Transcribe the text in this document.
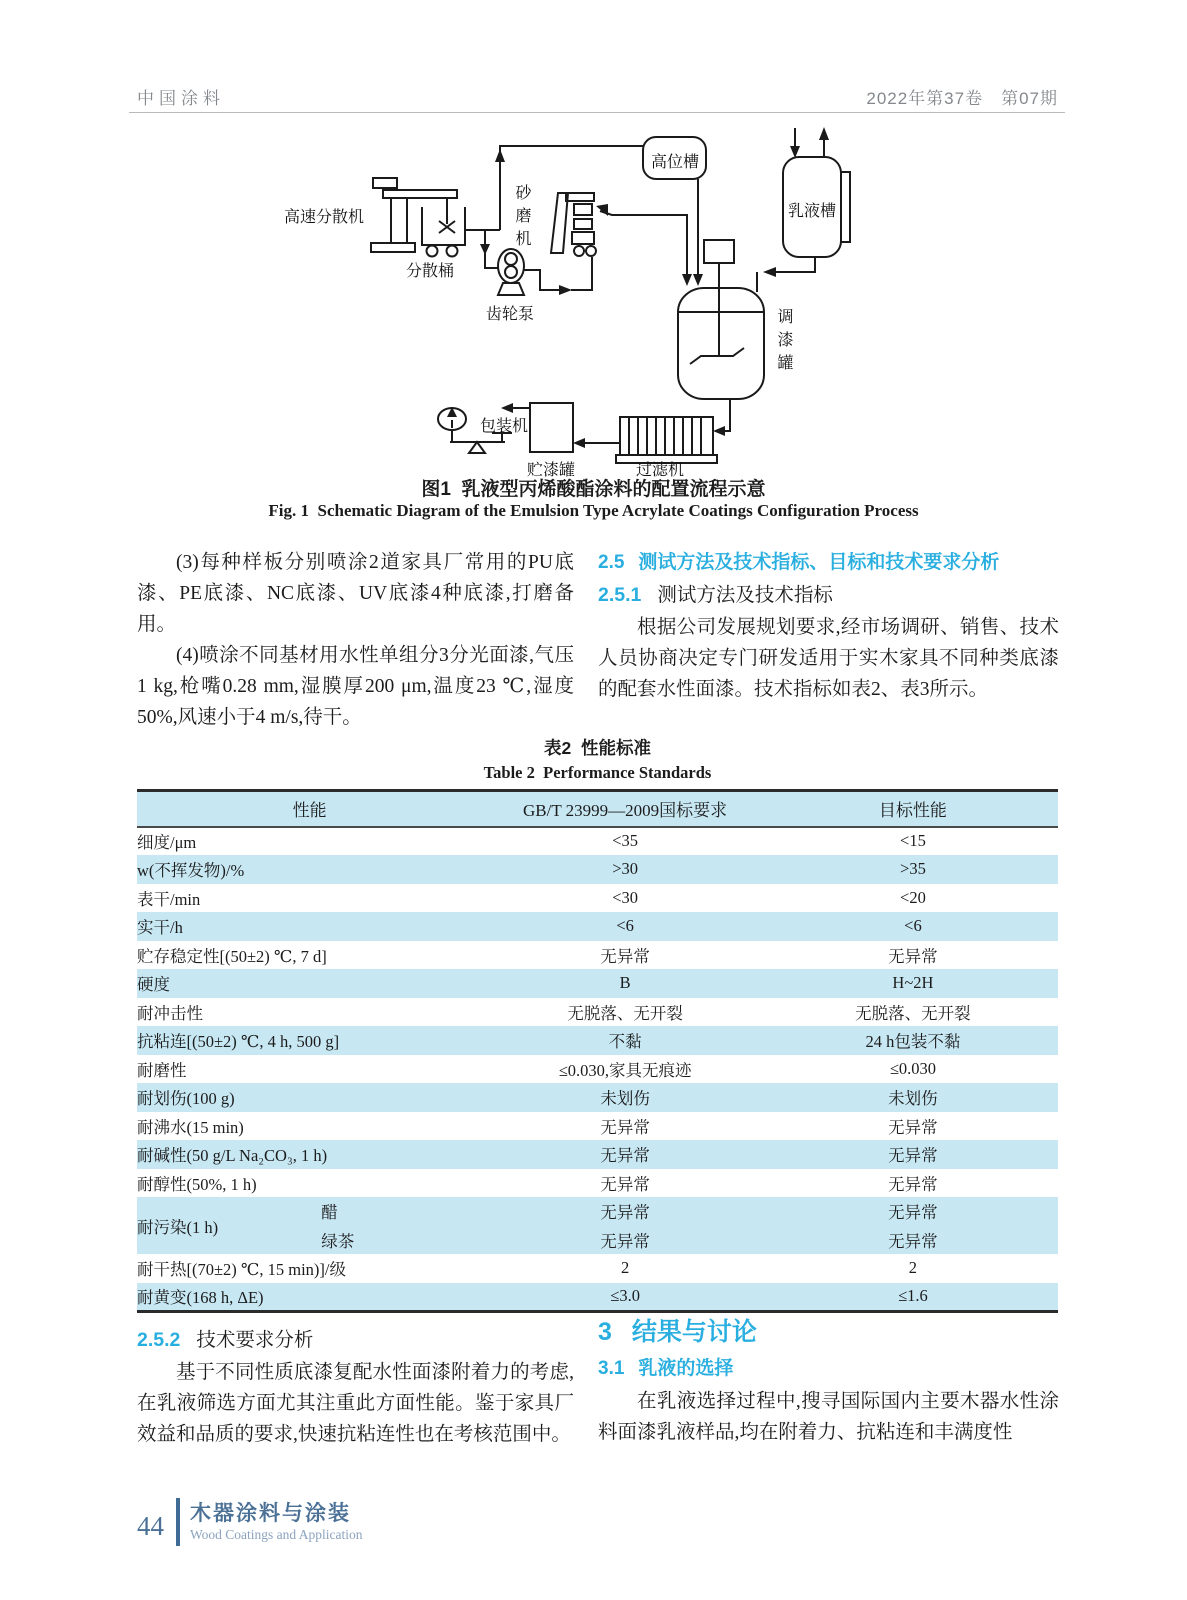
中国涂料	2022年第37卷　第07期
高速分散机
分散桶
齿轮泵
砂磨机
高位槽
乳液槽
调漆罐
包装机
贮漆罐	过滤机
图1  乳液型丙烯酸酯涂料的配置流程示意
Fig. 1  Schematic Diagram of the Emulsion Type Acrylate Coatings Configuration Process

(3)每种样板分别喷涂2道家具厂常用的PU底漆、PE底漆、NC底漆、UV底漆4种底漆,打磨备用。

(4)喷涂不同基材用水性单组分3分光面漆,气压1 kg,枪嘴0.28 mm,湿膜厚200 μm,温度23 ℃,湿度50%,风速小于4 m/s,待干。

2.5 测试方法及技术指标、目标和技术要求分析
2.5.1 测试方法及技术指标

根据公司发展规划要求,经市场调研、销售、技术人员协商决定专门研发适用于实木家具不同种类底漆的配套水性面漆。技术指标如表2、表3所示。

表2  性能标准
Table 2  Performance Standards
性能		GB/T 23999—2009国标要求	目标性能
细度/μm		<35	<15
w(不挥发物)/%		>30	>35
表干/min		<30	<20
实干/h		<6	<6
贮存稳定性[(50±2) ℃, 7 d]		无异常	无异常
硬度		B	H~2H
耐冲击性		无脱落、无开裂	无脱落、无开裂
抗粘连[(50±2) ℃, 4 h, 500 g]		不黏	24 h包装不黏
耐磨性		≤0.030,家具无痕迹	≤0.030
耐划伤(100 g)		未划伤	未划伤
耐沸水(15 min)		无异常	无异常
耐碱性(50 g/L Na₂CO₃, 1 h)		无异常	无异常
耐醇性(50%, 1 h)		无异常	无异常
耐污染(1 h)	醋	无异常	无异常
	绿茶	无异常	无异常
耐干热[(70±2) ℃, 15 min)]/级		2	2
耐黄变(168 h, ΔE)		≤3.0	≤1.6
2.5.2 技术要求分析

基于不同性质底漆复配水性面漆附着力的考虑,在乳液筛选方面尤其注重此方面性能。鉴于家具厂效益和品质的要求,快速抗粘连性也在考核范围中。

3 结果与讨论
3.1 乳液的选择

在乳液选择过程中,搜寻国际国内主要木器水性涂料面漆乳液样品,均在附着力、抗粘连和丰满度性

44 木器涂料与涂装
Wood Coatings and Application
